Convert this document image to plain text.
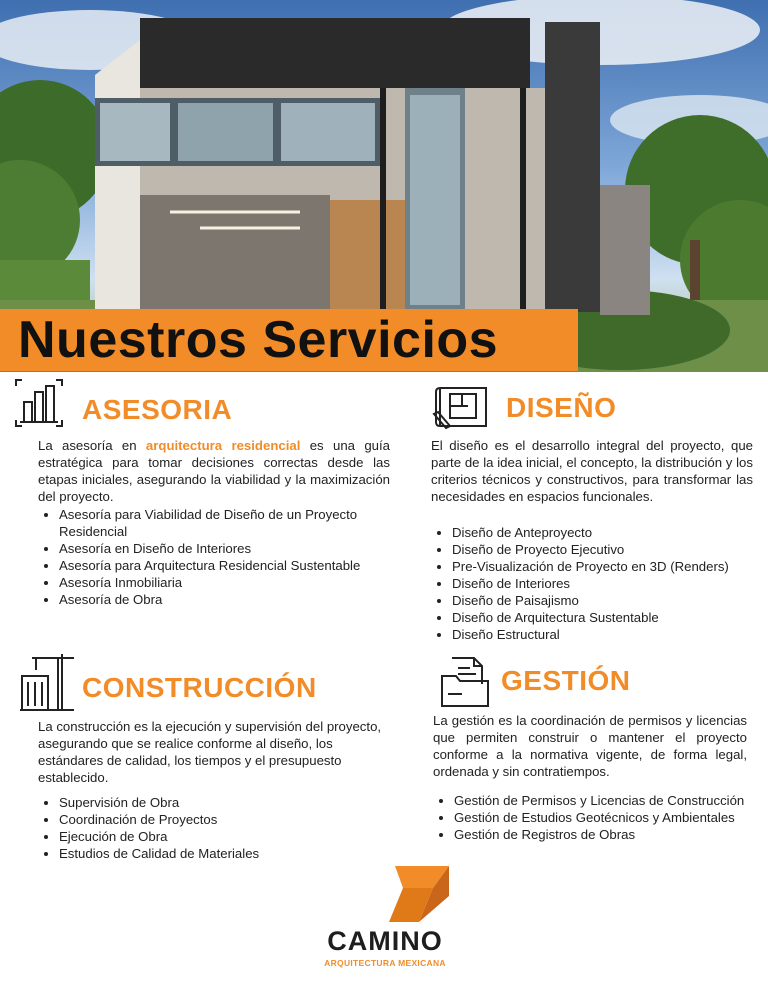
Nuestros Servicios
ASESORIA

La asesoría en arquitectura residencial es una guía estratégica para tomar decisiones correctas desde las etapas iniciales, asegurando la viabilidad y la maximización del proyecto.

• Asesoría para Viabilidad de Diseño de un Proyecto Residencial
• Asesoría en Diseño de Interiores
• Asesoría para Arquitectura Residencial Sustentable
• Asesoría Inmobiliaria
• Asesoría de Obra
DISEÑO

El diseño es el desarrollo integral del proyecto, que parte de la idea inicial, el concepto, la distribución y los criterios técnicos y constructivos, para transformar las necesidades en espacios funcionales.

• Diseño de Anteproyecto
• Diseño de Proyecto Ejecutivo
• Pre-Visualización de Proyecto en 3D (Renders)
• Diseño de Interiores
• Diseño de Paisajismo
• Diseño de Arquitectura Sustentable
• Diseño Estructural
CONSTRUCCIÓN

La construcción es la ejecución y supervisión del proyecto, asegurando que se realice conforme al diseño, los estándares de calidad, los tiempos y el presupuesto establecido.

• Supervisión de Obra
• Coordinación de Proyectos
• Ejecución de Obra
• Estudios de Calidad de Materiales
GESTIÓN

La gestión es la coordinación de permisos y licencias que permiten construir o mantener el proyecto conforme a la normativa vigente, de forma legal, ordenada y sin contratiempos.

• Gestión de Permisos y Licencias de Construcción
• Gestión de Estudios Geotécnicos y Ambientales
• Gestión de Registros de Obras
CAMINO
ARQUITECTURA MEXICANA
